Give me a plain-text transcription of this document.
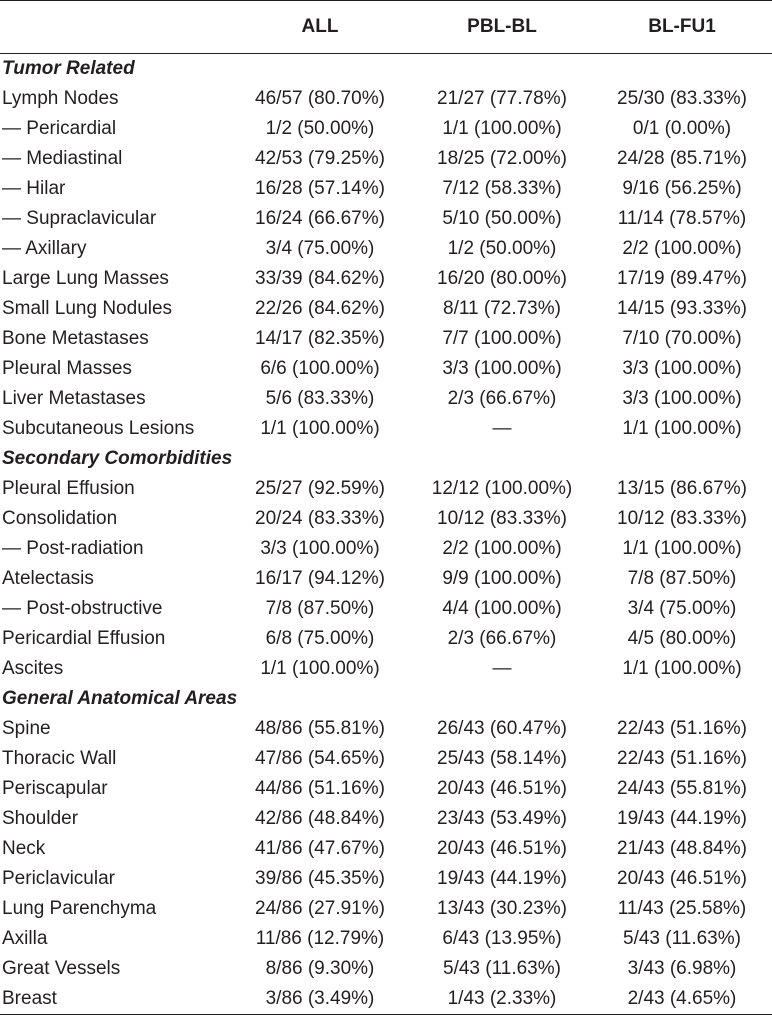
	ALL	PBL-BL	BL-FU1
Tumor Related			
Lymph Nodes	46/57 (80.70%)	21/27 (77.78%)	25/30 (83.33%)
— Pericardial	1/2 (50.00%)	1/1 (100.00%)	0/1 (0.00%)
— Mediastinal	42/53 (79.25%)	18/25 (72.00%)	24/28 (85.71%)
— Hilar	16/28 (57.14%)	7/12 (58.33%)	9/16 (56.25%)
— Supraclavicular	16/24 (66.67%)	5/10 (50.00%)	11/14 (78.57%)
— Axillary	3/4 (75.00%)	1/2 (50.00%)	2/2 (100.00%)
Large Lung Masses	33/39 (84.62%)	16/20 (80.00%)	17/19 (89.47%)
Small Lung Nodules	22/26 (84.62%)	8/11 (72.73%)	14/15 (93.33%)
Bone Metastases	14/17 (82.35%)	7/7 (100.00%)	7/10 (70.00%)
Pleural Masses	6/6 (100.00%)	3/3 (100.00%)	3/3 (100.00%)
Liver Metastases	5/6 (83.33%)	2/3 (66.67%)	3/3 (100.00%)
Subcutaneous Lesions	1/1 (100.00%)	—	1/1 (100.00%)
Secondary Comorbidities			
Pleural Effusion	25/27 (92.59%)	12/12 (100.00%)	13/15 (86.67%)
Consolidation	20/24 (83.33%)	10/12 (83.33%)	10/12 (83.33%)
— Post-radiation	3/3 (100.00%)	2/2 (100.00%)	1/1 (100.00%)
Atelectasis	16/17 (94.12%)	9/9 (100.00%)	7/8 (87.50%)
— Post-obstructive	7/8 (87.50%)	4/4 (100.00%)	3/4 (75.00%)
Pericardial Effusion	6/8 (75.00%)	2/3 (66.67%)	4/5 (80.00%)
Ascites	1/1 (100.00%)	—	1/1 (100.00%)
General Anatomical Areas			
Spine	48/86 (55.81%)	26/43 (60.47%)	22/43 (51.16%)
Thoracic Wall	47/86 (54.65%)	25/43 (58.14%)	22/43 (51.16%)
Periscapular	44/86 (51.16%)	20/43 (46.51%)	24/43 (55.81%)
Shoulder	42/86 (48.84%)	23/43 (53.49%)	19/43 (44.19%)
Neck	41/86 (47.67%)	20/43 (46.51%)	21/43 (48.84%)
Periclavicular	39/86 (45.35%)	19/43 (44.19%)	20/43 (46.51%)
Lung Parenchyma	24/86 (27.91%)	13/43 (30.23%)	11/43 (25.58%)
Axilla	11/86 (12.79%)	6/43 (13.95%)	5/43 (11.63%)
Great Vessels	8/86 (9.30%)	5/43 (11.63%)	3/43 (6.98%)
Breast	3/86 (3.49%)	1/43 (2.33%)	2/43 (4.65%)
